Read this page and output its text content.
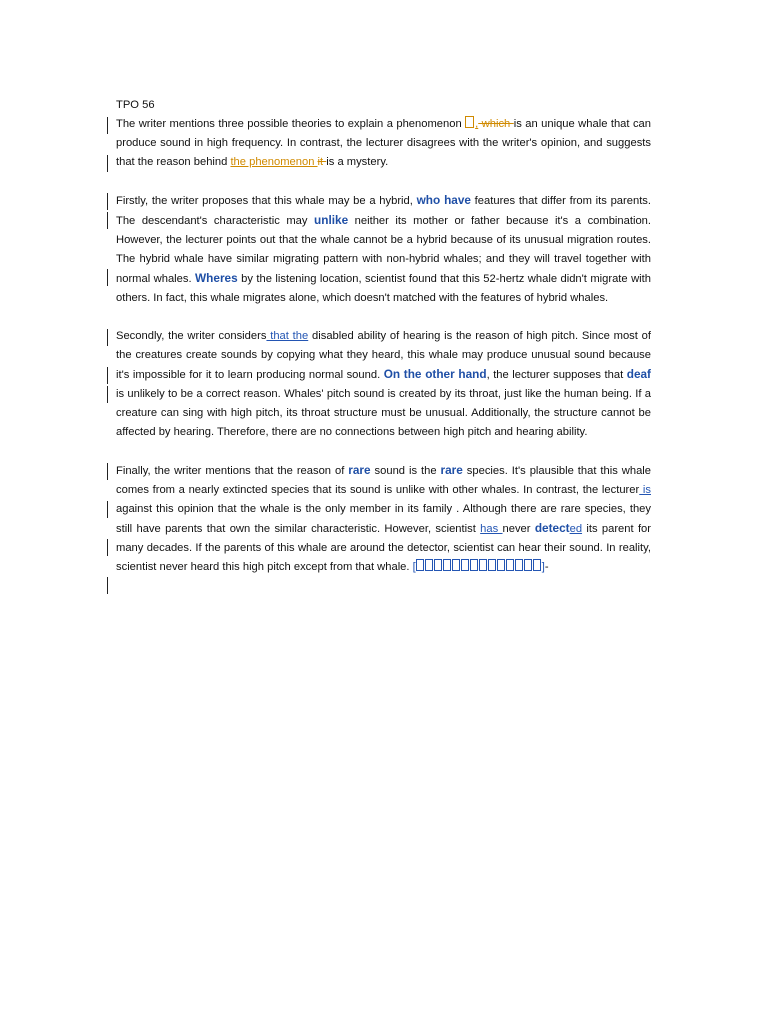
TPO 56

The writer mentions three possible theories to explain a phenomenon , which is an unique whale that can produce sound in high frequency. In contrast, the lecturer disagrees with the writer's opinion, and suggests that the reason behind the phenomenon it is a mystery.

Firstly, the writer proposes that this whale may be a hybrid, who have features that differ from its parents. The descendant's characteristic may unlike neither its mother or father because it's a combination. However, the lecturer points out that the whale cannot be a hybrid because of its unusual migration routes. The hybrid whale have similar migrating pattern with non-hybrid whales; and they will travel together with normal whales. Wheres by the listening location, scientist found that this 52-hertz whale didn't migrate with others. In fact, this whale migrates alone, which doesn't matched with the features of hybrid whales.

Secondly, the writer considers that the disabled ability of hearing is the reason of high pitch. Since most of the creatures create sounds by copying what they heard, this whale may produce unusual sound because it's impossible for it to learn producing normal sound. On the other hand, the lecturer supposes that deaf is unlikely to be a correct reason. Whales' pitch sound is created by its throat, just like the human being. If a creature can sing with high pitch, its throat structure must be unusual. Additionally, the structure cannot be affected by hearing. Therefore, there are no connections between high pitch and hearing ability.

Finally, the writer mentions that the reason of rare sound is the rare species. It's plausible that this whale comes from a nearly extincted species that its sound is unlike with other whales. In contrast, the lecturer is against this opinion that the whale is the only member in its family . Although there are rare species, they still have parents that own the similar characteristic. However, scientist has never detected its parent for many decades. If the parents of this whale are around the detector, scientist can hear their sound. In reality, scientist never heard this high pitch except from that whale. [	]-
